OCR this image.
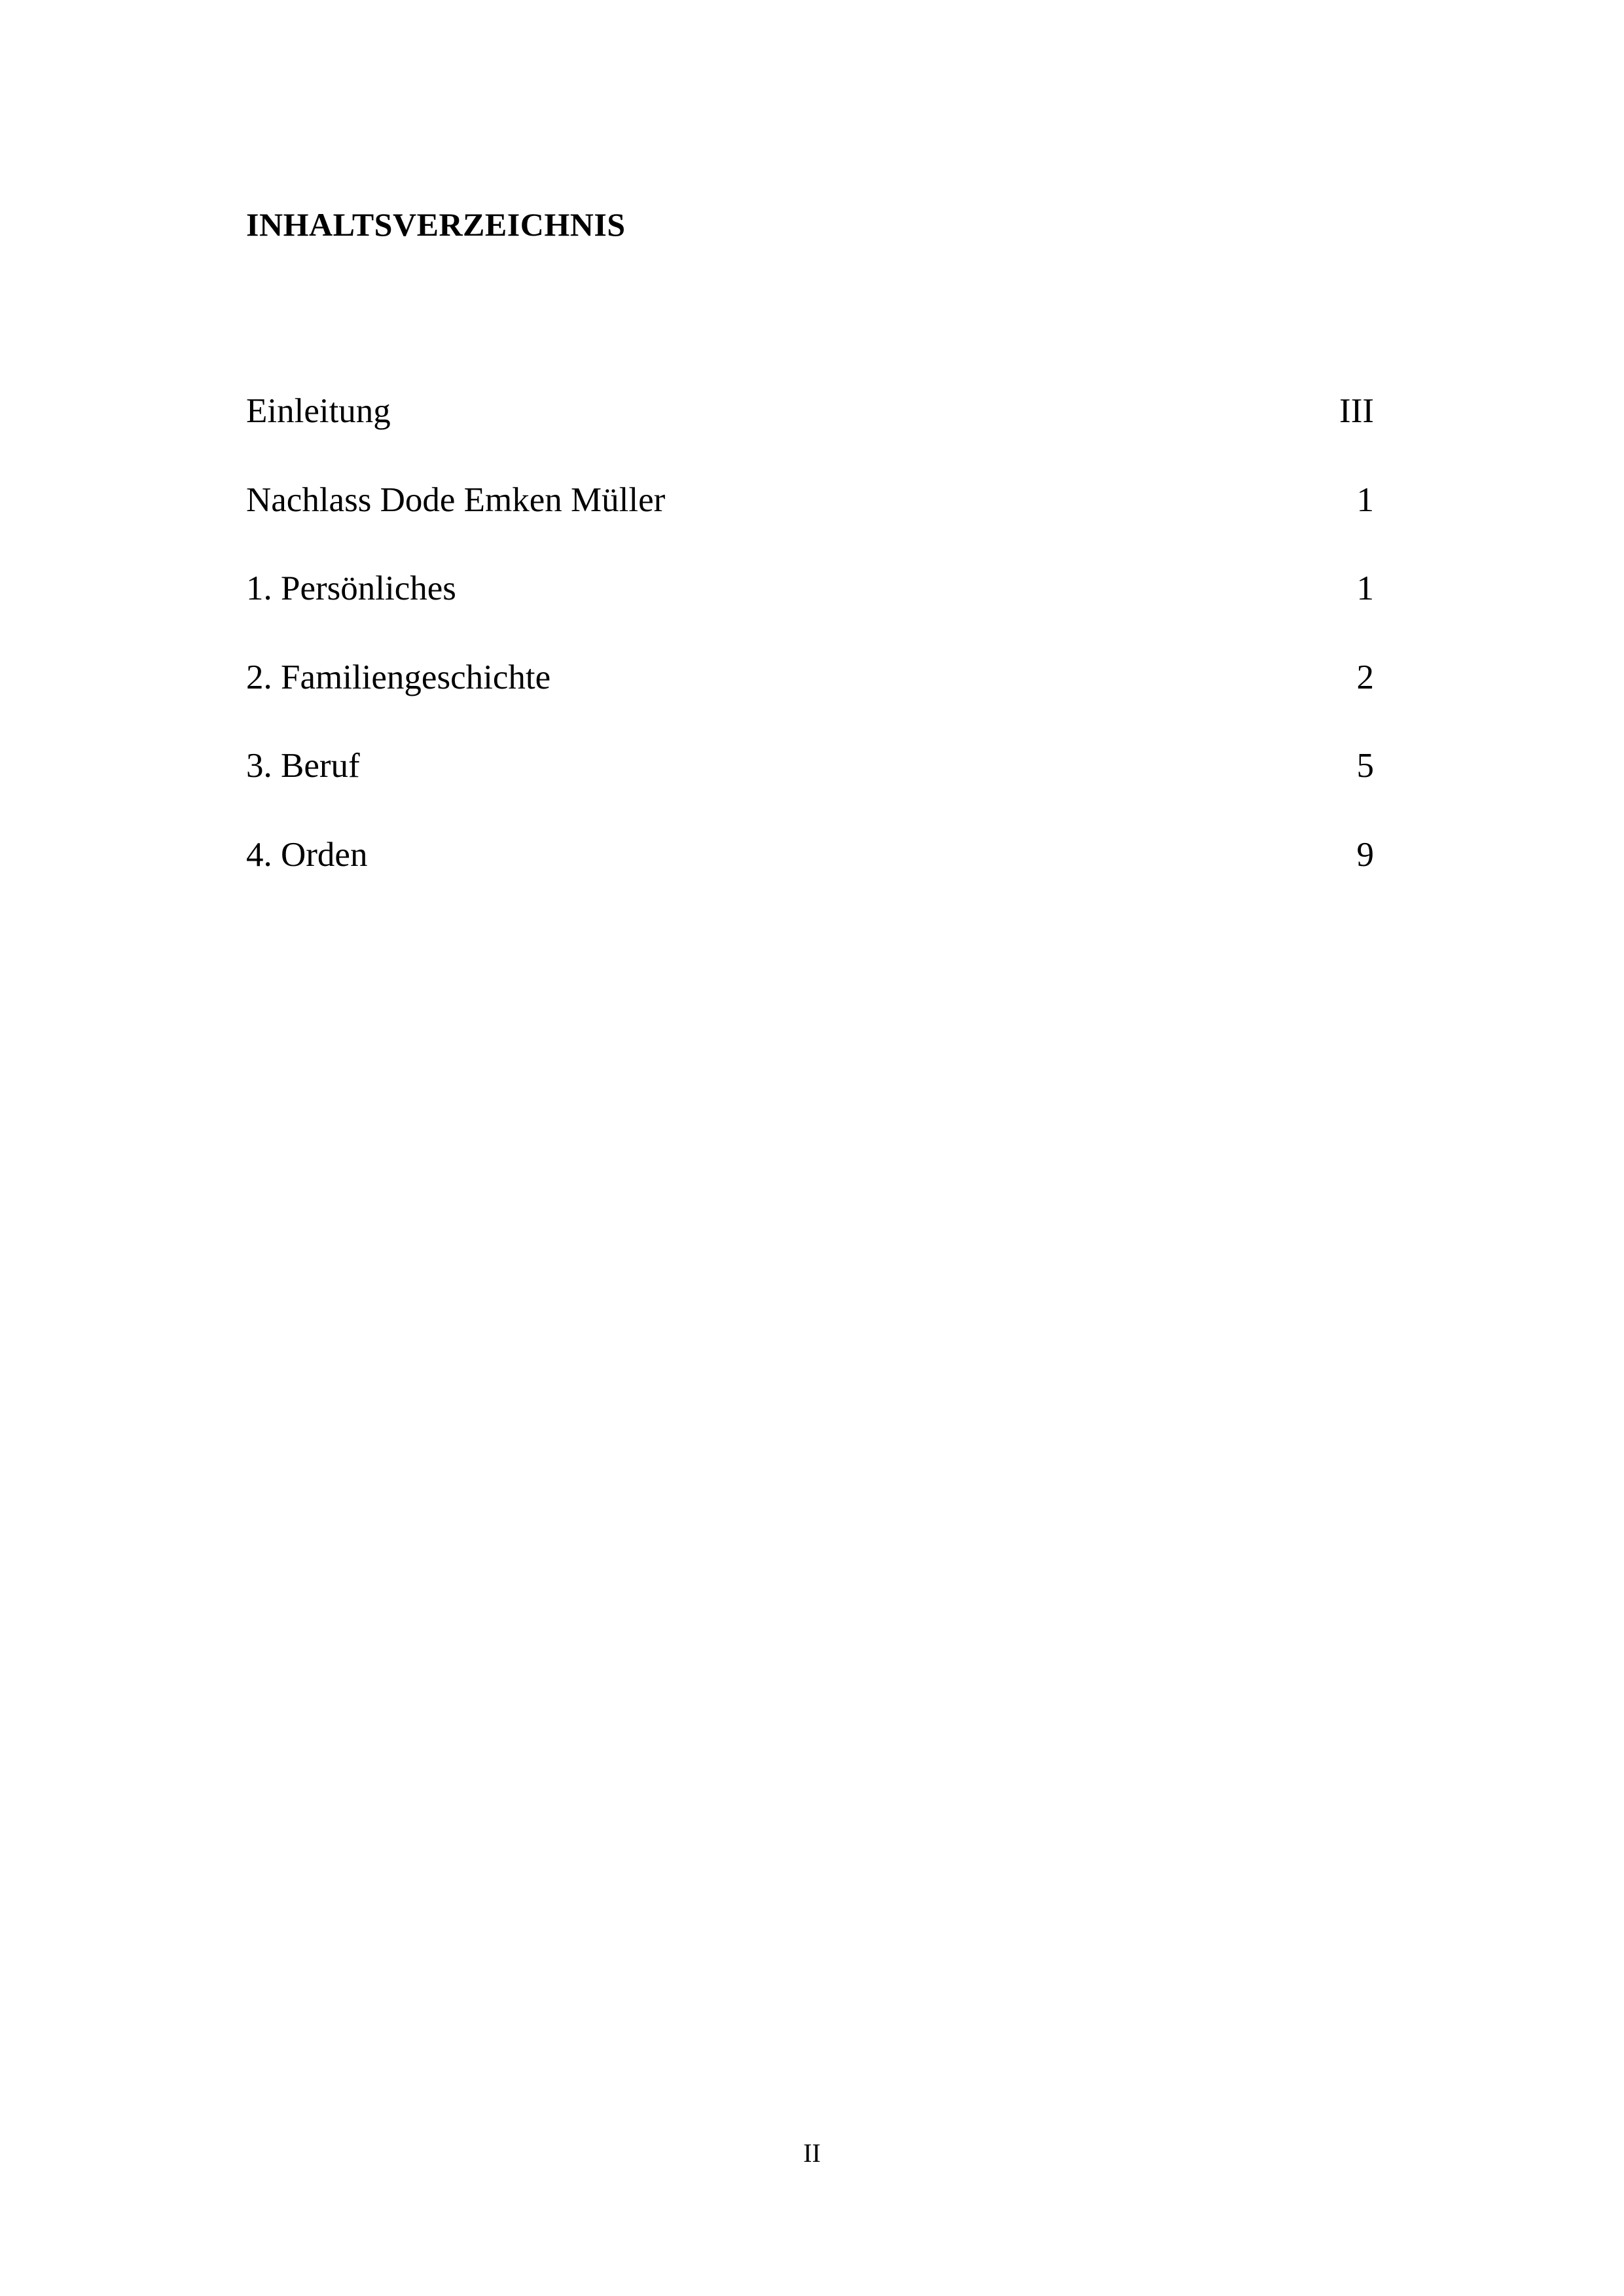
INHALTSVERZEICHNIS
Einleitung	III
Nachlass Dode Emken Müller	1
1. Persönliches	1
2. Familiengeschichte	2
3. Beruf	5
4. Orden	9
II
